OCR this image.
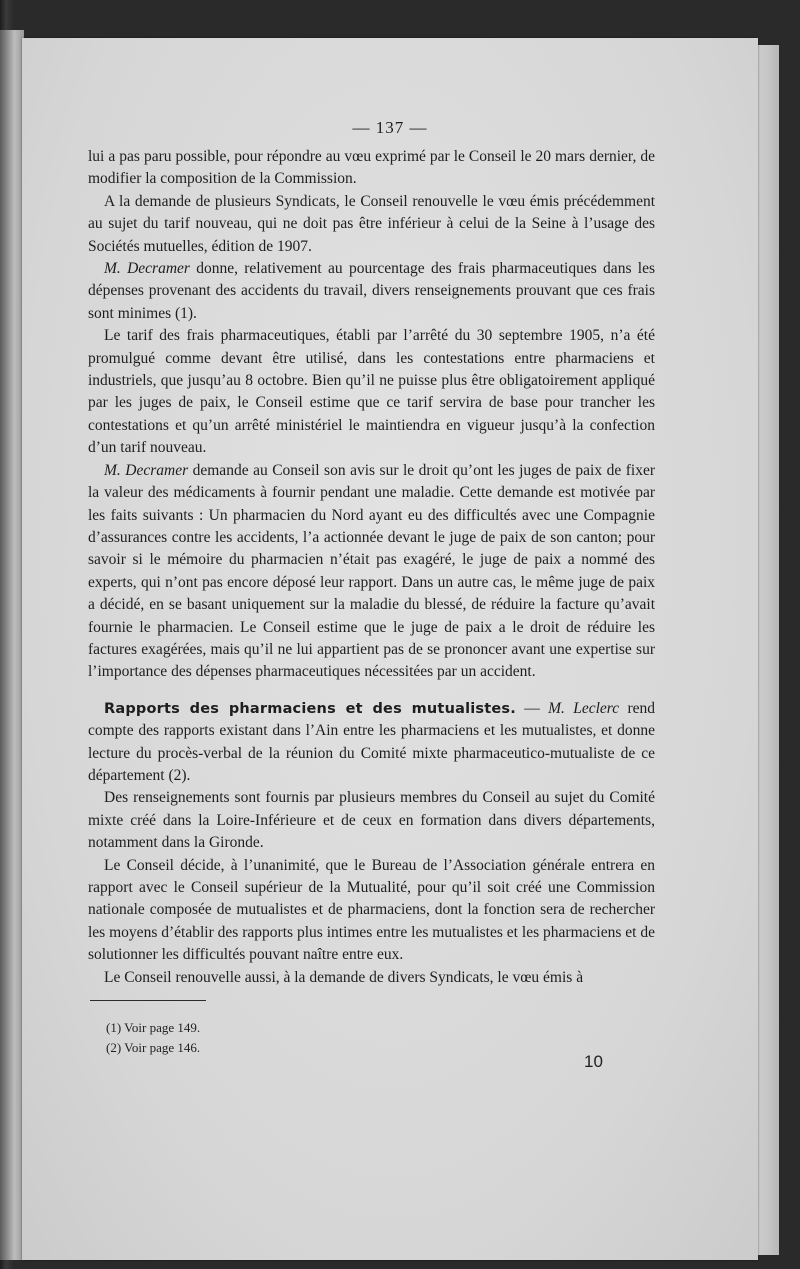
— 137 —

lui a pas paru possible, pour répondre au vœu exprimé par le Conseil le 20 mars dernier, de modifier la composition de la Commission.

A la demande de plusieurs Syndicats, le Conseil renouvelle le vœu émis précédemment au sujet du tarif nouveau, qui ne doit pas être inférieur à celui de la Seine à l’usage des Sociétés mutuelles, édition de 1907.

M. Decramer donne, relativement au pourcentage des frais pharmaceutiques dans les dépenses provenant des accidents du travail, divers renseignements prouvant que ces frais sont minimes (1).

Le tarif des frais pharmaceutiques, établi par l’arrêté du 30 septembre 1905, n’a été promulgué comme devant être utilisé, dans les contestations entre pharmaciens et industriels, que jusqu’au 8 octobre. Bien qu’il ne puisse plus être obligatoirement appliqué par les juges de paix, le Conseil estime que ce tarif servira de base pour trancher les contestations et qu’un arrêté ministériel le maintiendra en vigueur jusqu’à la confection d’un tarif nouveau.

M. Decramer demande au Conseil son avis sur le droit qu’ont les juges de paix de fixer la valeur des médicaments à fournir pendant une maladie. Cette demande est motivée par les faits suivants : Un pharmacien du Nord ayant eu des difficultés avec une Compagnie d’assurances contre les accidents, l’a actionnée devant le juge de paix de son canton; pour savoir si le mémoire du pharmacien n’était pas exagéré, le juge de paix a nommé des experts, qui n’ont pas encore déposé leur rapport. Dans un autre cas, le même juge de paix a décidé, en se basant uniquement sur la maladie du blessé, de réduire la facture qu’avait fournie le pharmacien. Le Conseil estime que le juge de paix a le droit de réduire les factures exagérées, mais qu’il ne lui appartient pas de se prononcer avant une expertise sur l’importance des dépenses pharmaceutiques nécessitées par un accident.

Rapports des pharmaciens et des mutualistes. — M. Leclerc rend compte des rapports existant dans l’Ain entre les pharmaciens et les mutualistes, et donne lecture du procès-verbal de la réunion du Comité mixte pharmaceutico-mutualiste de ce département (2).

Des renseignements sont fournis par plusieurs membres du Conseil au sujet du Comité mixte créé dans la Loire-Inférieure et de ceux en formation dans divers départements, notamment dans la Gironde.

Le Conseil décide, à l’unanimité, que le Bureau de l’Association générale entrera en rapport avec le Conseil supérieur de la Mutualité, pour qu’il soit créé une Commission nationale composée de mutualistes et de pharmaciens, dont la fonction sera de rechercher les moyens d’établir des rapports plus intimes entre les mutualistes et les pharmaciens et de solutionner les difficultés pouvant naître entre eux.

Le Conseil renouvelle aussi, à la demande de divers Syndicats, le vœu émis à

(1) Voir page 149.
(2) Voir page 146.
10
